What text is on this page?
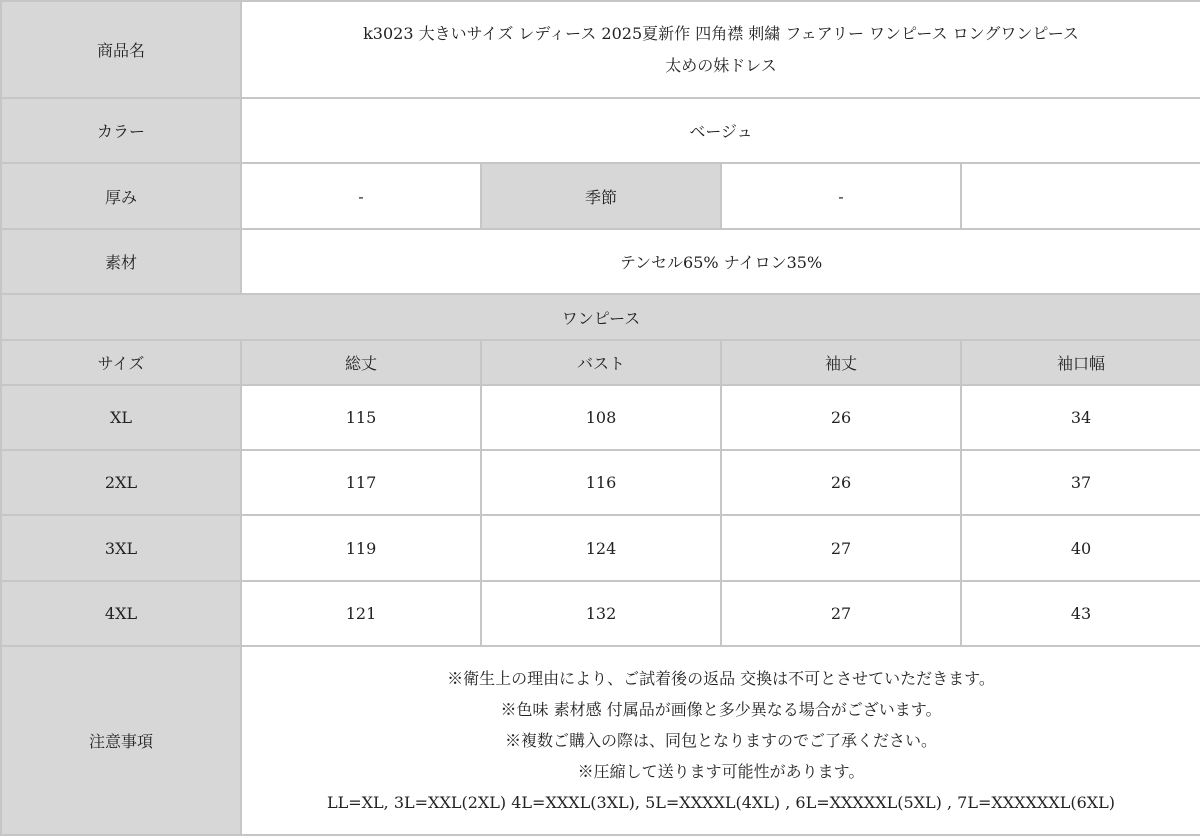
商品名	k3023 大きいサイズ レディース 2025夏新作 四角襟 刺繍 フェアリー ワンピース ロングワンピース
太めの妹ドレス			

カラー	ベージュ			
厚み	-	季節	-	
素材	テンセル65% ナイロン35%			
ワンピース				
サイズ	総丈	バスト	袖丈	袖口幅
XL	115	108	26	34
2XL	117	116	26	37
3XL	119	124	27	40
4XL	121	132	27	43
注意事項	※衛生上の理由により、ご試着後の返品 交換は不可とさせていただきます。
※色味 素材感 付属品が画像と多少異なる場合がございます。
※複数ご購入の際は、同包となりますのでご了承ください。
※圧縮して送ります可能性があります。
LL=XL, 3L=XXL(2XL) 4L=XXXL(3XL), 5L=XXXXL(4XL) , 6L=XXXXXL(5XL) , 7L=XXXXXXL(6XL)			
